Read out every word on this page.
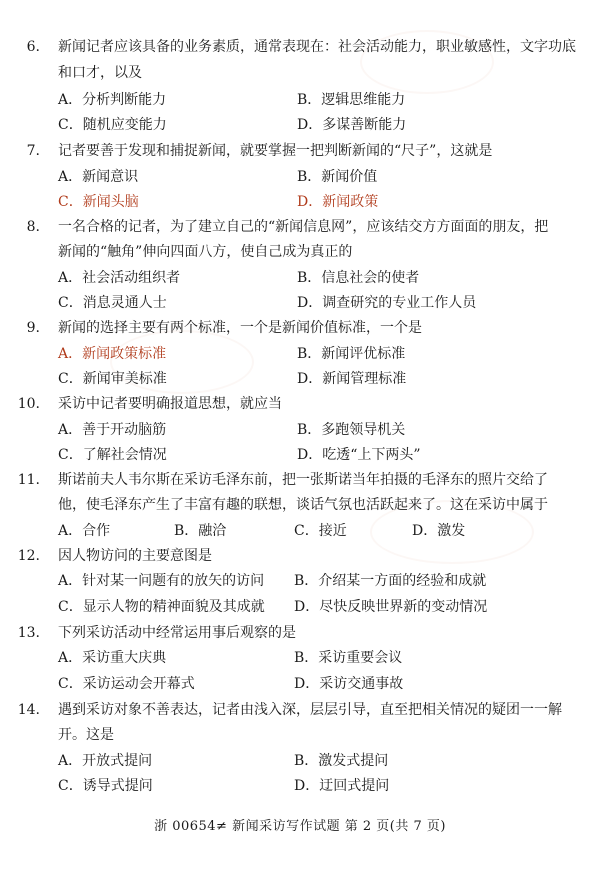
6. 新闻记者应该具备的业务素质，通常表现在：社会活动能力，职业敏感性，文字功底
和口才，以及
A．分析判断能力	B．逻辑思维能力
C．随机应变能力	D．多谋善断能力
7. 记者要善于发现和捕捉新闻，就要掌握一把判断新闻的“尺子”，这就是
A．新闻意识	B．新闻价值
C．新闻头脑	D．新闻政策
8. 一名合格的记者，为了建立自己的“新闻信息网”，应该结交方方面面的朋友，把
新闻的“触角”伸向四面八方，使自己成为真正的
A．社会活动组织者	B．信息社会的使者
C．消息灵通人士	D．调查研究的专业工作人员
9. 新闻的选择主要有两个标准，一个是新闻价值标准，一个是
A．新闻政策标准	B．新闻评优标准
C．新闻审美标准	D．新闻管理标准
10. 采访中记者要明确报道思想，就应当
A．善于开动脑筋	B．多跑领导机关
C．了解社会情况	D．吃透“上下两头”
11. 斯诺前夫人韦尔斯在采访毛泽东前，把一张斯诺当年拍摄的毛泽东的照片交给了
他，使毛泽东产生了丰富有趣的联想，谈话气氛也活跃起来了。这在采访中属于
A．合作	B．融洽	C．接近	D．激发
12. 因人物访问的主要意图是
A．针对某一问题有的放矢的访问 B．介绍某一方面的经验和成就
C．显示人物的精神面貌及其成就 D．尽快反映世界新的变动情况
13. 下列采访活动中经常运用事后观察的是
A．采访重大庆典	B．采访重要会议
C．采访运动会开幕式	D．采访交通事故
14. 遇到采访对象不善表达，记者由浅入深，层层引导，直至把相关情况的疑团一一解
开。这是
A．开放式提问	B．激发式提问
C．诱导式提问	D．迂回式提问
浙 00654≠ 新闻采访写作试题 第 2 页(共 7 页)
